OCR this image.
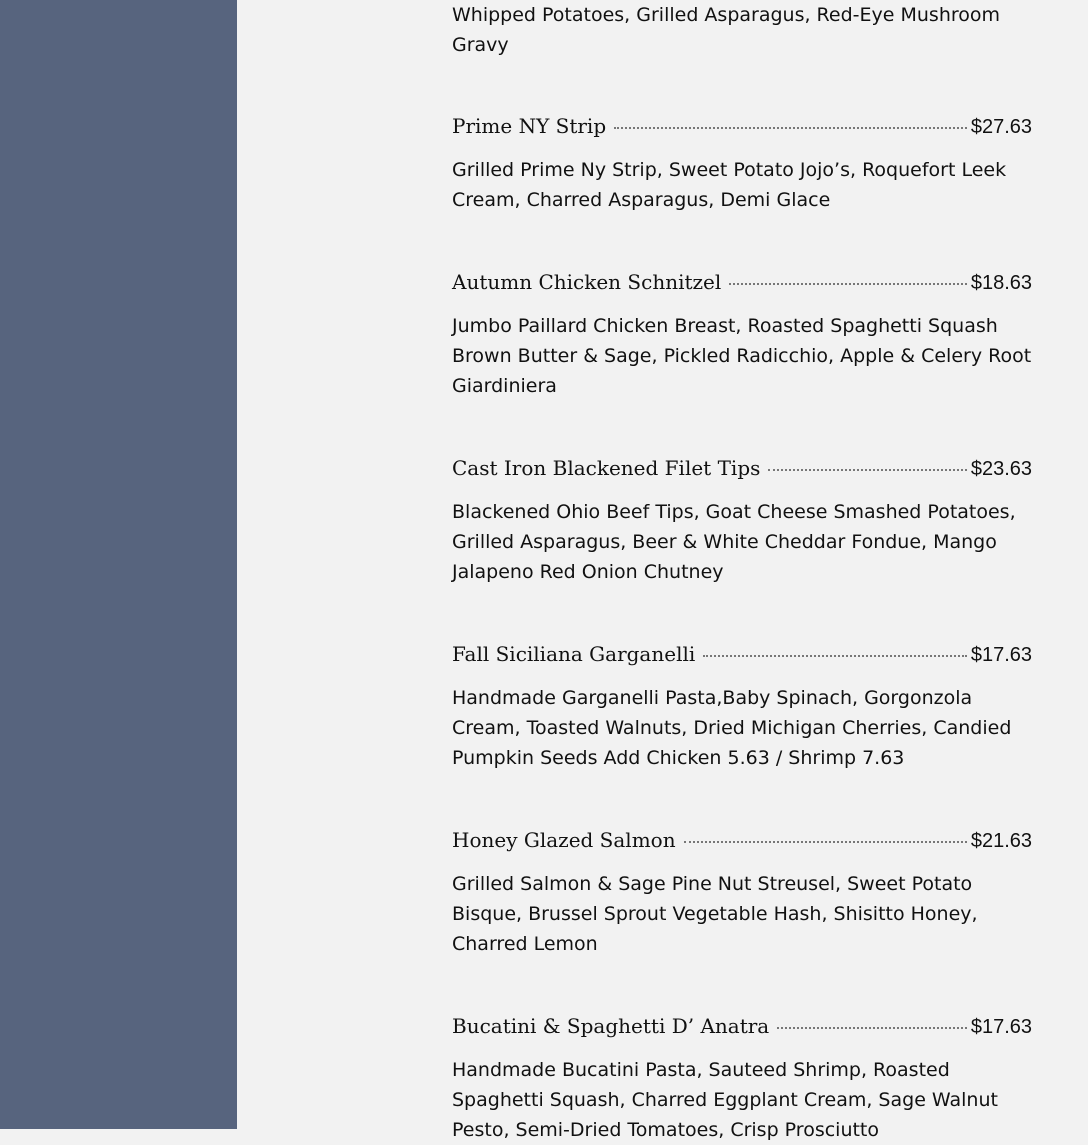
Whipped Potatoes, Grilled Asparagus, Red-Eye Mushroom Gravy

Prime NY Strip	$27.63

Grilled Prime Ny Strip, Sweet Potato Jojo’s, Roquefort Leek Cream, Charred Asparagus, Demi Glace

Autumn Chicken Schnitzel	$18.63

Jumbo Paillard Chicken Breast, Roasted Spaghetti Squash Brown Butter & Sage, Pickled Radicchio, Apple & Celery Root Giardiniera

Cast Iron Blackened Filet Tips	$23.63

Blackened Ohio Beef Tips, Goat Cheese Smashed Potatoes, Grilled Asparagus, Beer & White Cheddar Fondue, Mango Jalapeno Red Onion Chutney

Fall Siciliana Garganelli	$17.63

Handmade Garganelli Pasta,Baby Spinach, Gorgonzola Cream, Toasted Walnuts, Dried Michigan Cherries, Candied Pumpkin Seeds Add Chicken 5.63 / Shrimp 7.63

Honey Glazed Salmon	$21.63

Grilled Salmon & Sage Pine Nut Streusel, Sweet Potato Bisque, Brussel Sprout Vegetable Hash, Shisitto Honey, Charred Lemon

Bucatini & Spaghetti D’ Anatra	$17.63

Handmade Bucatini Pasta, Sauteed Shrimp, Roasted Spaghetti Squash, Charred Eggplant Cream, Sage Walnut Pesto, Semi-Dried Tomatoes, Crisp Prosciutto
